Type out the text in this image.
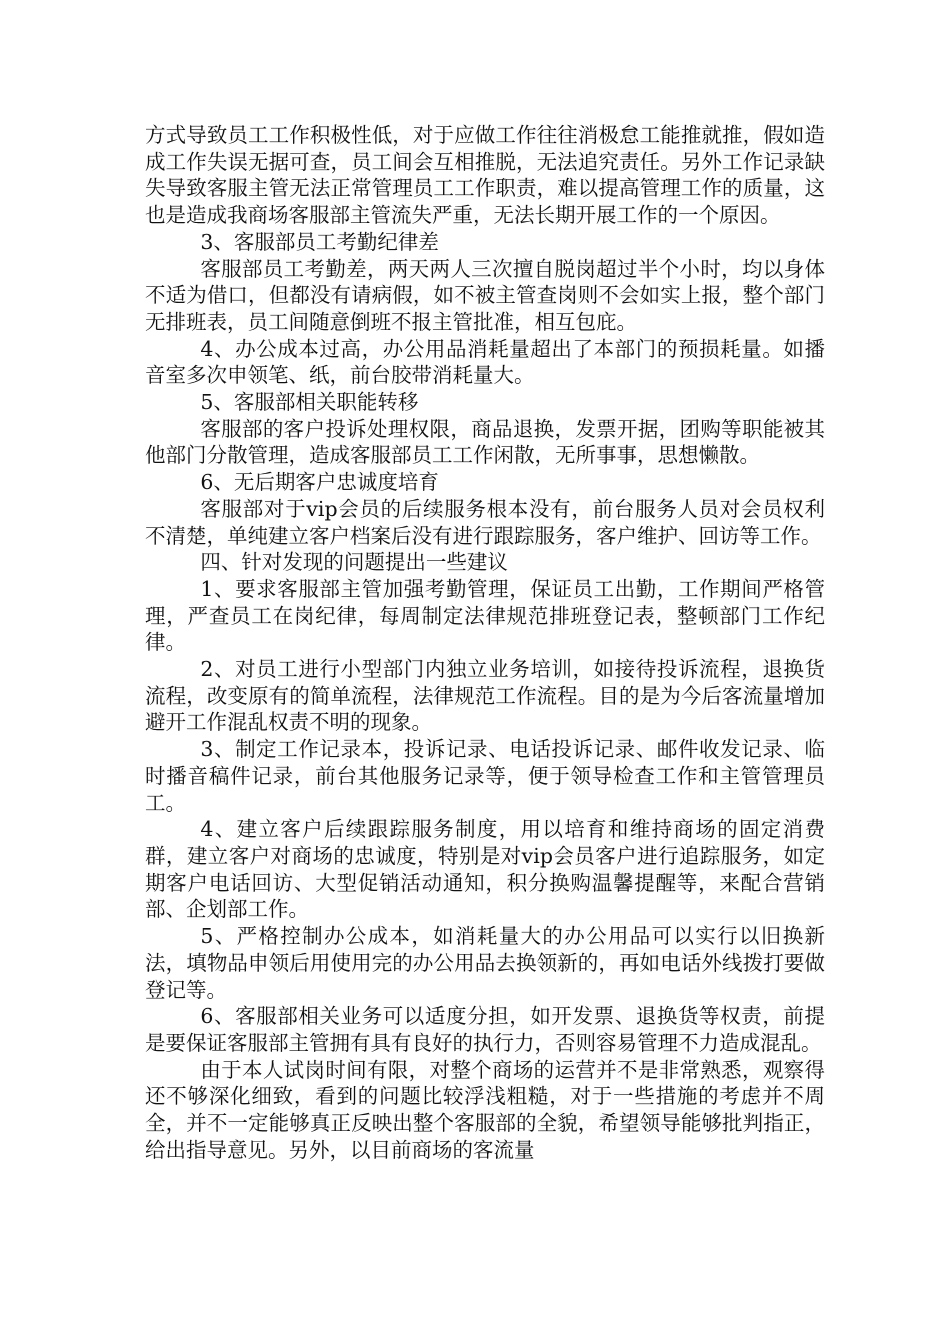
方式导致员工工作积极性低，对于应做工作往往消极怠工能推就推，假如造成工作失误无据可查，员工间会互相推脱，无法追究责任。另外工作记录缺失导致客服主管无法正常管理员工工作职责，难以提高管理工作的质量，这也是造成我商场客服部主管流失严重，无法长期开展工作的一个原因。

3、客服部员工考勤纪律差

客服部员工考勤差，两天两人三次擅自脱岗超过半个小时，均以身体不适为借口，但都没有请病假，如不被主管查岗则不会如实上报，整个部门无排班表，员工间随意倒班不报主管批准，相互包庇。

4、办公成本过高，办公用品消耗量超出了本部门的预损耗量。如播音室多次申领笔、纸，前台胶带消耗量大。

5、客服部相关职能转移

客服部的客户投诉处理权限，商品退换，发票开据，团购等职能被其他部门分散管理，造成客服部员工工作闲散，无所事事，思想懒散。

6、无后期客户忠诚度培育

客服部对于vip会员的后续服务根本没有，前台服务人员对会员权利不清楚，单纯建立客户档案后没有进行跟踪服务，客户维护、回访等工作。

四、针对发现的问题提出一些建议

1、要求客服部主管加强考勤管理，保证员工出勤，工作期间严格管理，严查员工在岗纪律，每周制定法律规范排班登记表，整顿部门工作纪律。

2、对员工进行小型部门内独立业务培训，如接待投诉流程，退换货流程，改变原有的简单流程，法律规范工作流程。目的是为今后客流量增加避开工作混乱权责不明的现象。

3、制定工作记录本，投诉记录、电话投诉记录、邮件收发记录、临时播音稿件记录，前台其他服务记录等，便于领导检查工作和主管管理员工。

4、建立客户后续跟踪服务制度，用以培育和维持商场的固定消费群，建立客户对商场的忠诚度，特别是对vip会员客户进行追踪服务，如定期客户电话回访、大型促销活动通知，积分换购温馨提醒等，来配合营销部、企划部工作。

5、严格控制办公成本，如消耗量大的办公用品可以实行以旧换新法，填物品申领后用使用完的办公用品去换领新的，再如电话外线拨打要做登记等。

6、客服部相关业务可以适度分担，如开发票、退换货等权责，前提是要保证客服部主管拥有具有良好的执行力，否则容易管理不力造成混乱。

由于本人试岗时间有限，对整个商场的运营并不是非常熟悉，观察得还不够深化细致，看到的问题比较浮浅粗糙，对于一些措施的考虑并不周全，并不一定能够真正反映出整个客服部的全貌，希望领导能够批判指正，给出指导意见。另外，以目前商场的客流量
